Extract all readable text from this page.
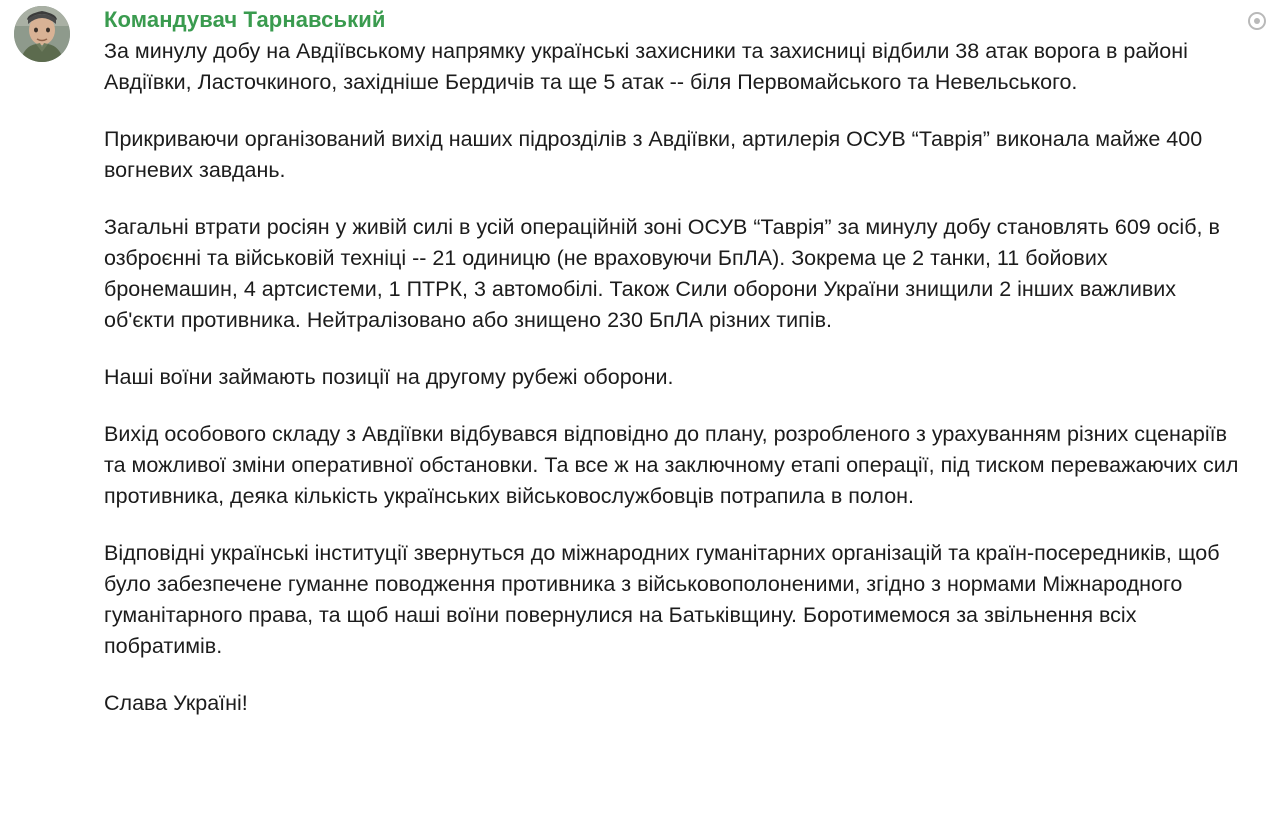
Командувач Тарнавський

За минулу добу на Авдіївському напрямку українські захисники та захисниці відбили 38 атак ворога в районі Авдіївки, Ласточкиного, західніше Бердичів та ще 5 атак -- біля Первомайського та Невельського.

Прикриваючи організований вихід наших підрозділів з Авдіївки, артилерія ОСУВ “Таврія” виконала майже 400 вогневих завдань.

Загальні втрати росіян у живій силі в усій операційній зоні ОСУВ “Таврія” за минулу добу становлять 609 осіб, в озброєнні та військовій техніці -- 21 одиницю (не враховуючи БпЛА). Зокрема це 2 танки, 11 бойових бронемашин, 4 артсистеми, 1 ПТРК, 3 автомобілі. Також Сили оборони України знищили 2 інших важливих об'єкти противника. Нейтралізовано або знищено 230 БпЛА різних типів.

Наші воїни займають позиції на другому рубежі оборони.

Вихід особового складу з Авдіївки відбувався відповідно до плану, розробленого з урахуванням різних сценаріїв та можливої зміни оперативної обстановки. Та все ж на заключному етапі операції, під тиском переважаючих сил противника, деяка кількість українських військовослужбовців потрапила в полон.

Відповідні українські інституції звернуться до міжнародних гуманітарних організацій та країн-посередників, щоб було забезпечене гуманне поводження противника з військовополоненими, згідно з нормами Міжнародного гуманітарного права, та щоб наші воїни повернулися на Батьківщину. Боротимемося за звільнення всіх побратимів.

Слава Україні!
